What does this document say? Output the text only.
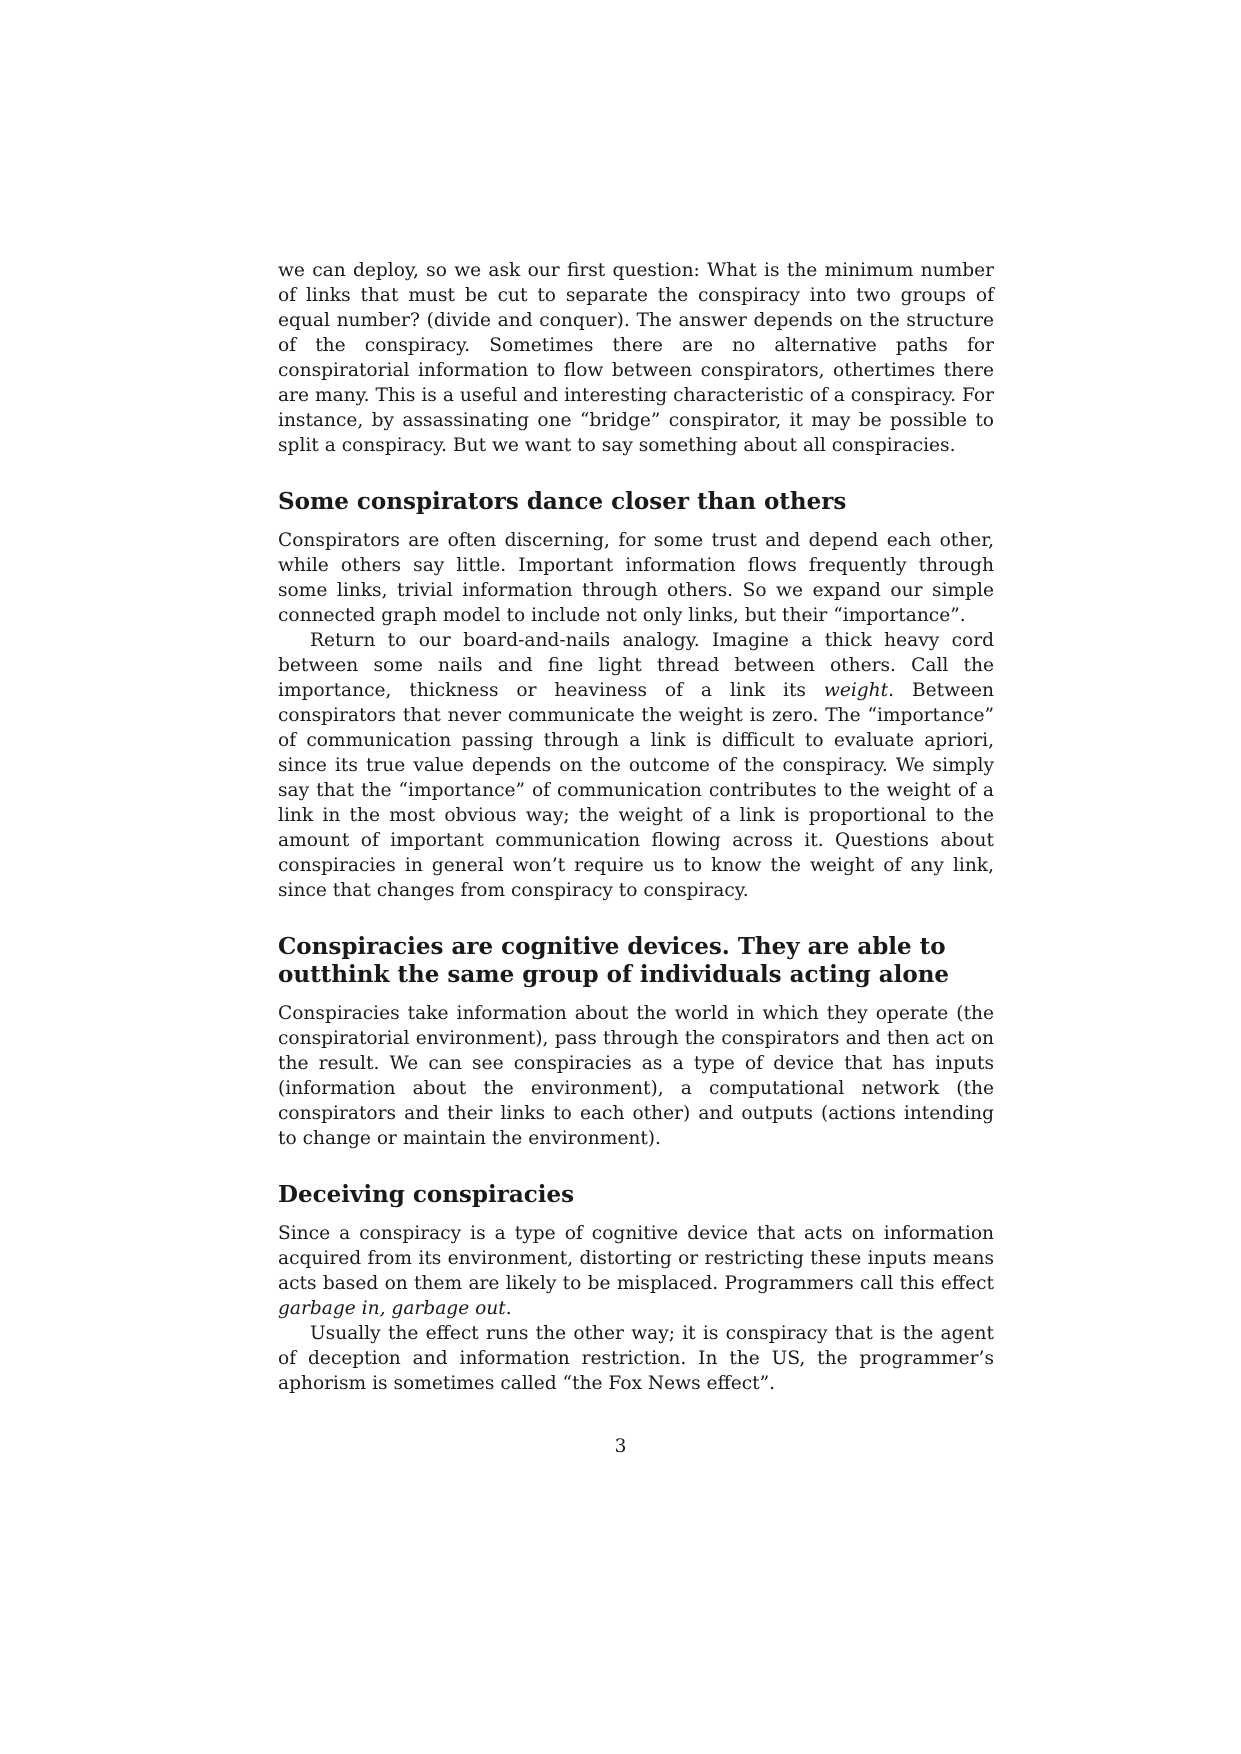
we can deploy, so we ask our first question: What is the minimum number of links that must be cut to separate the conspiracy into two groups of equal number? (divide and conquer). The answer depends on the structure of the conspiracy. Sometimes there are no alternative paths for conspiratorial information to flow between conspirators, othertimes there are many. This is a useful and interesting characteristic of a conspiracy. For instance, by assassinating one “bridge” conspirator, it may be possible to split a conspiracy. But we want to say something about all conspiracies.

Some conspirators dance closer than others

Conspirators are often discerning, for some trust and depend each other, while others say little. Important information flows frequently through some links, trivial information through others. So we expand our simple connected graph model to include not only links, but their “importance”.

Return to our board-and-nails analogy. Imagine a thick heavy cord between some nails and fine light thread between others. Call the importance, thickness or heaviness of a link its weight. Between conspirators that never communicate the weight is zero. The “importance” of communication passing through a link is difficult to evaluate apriori, since its true value depends on the outcome of the conspiracy. We simply say that the “importance” of communication contributes to the weight of a link in the most obvious way; the weight of a link is proportional to the amount of important communication flowing across it. Questions about conspiracies in general won’t require us to know the weight of any link, since that changes from conspiracy to conspiracy.

Conspiracies are cognitive devices. They are able to outthink the same group of individuals acting alone

Conspiracies take information about the world in which they operate (the conspiratorial environment), pass through the conspirators and then act on the result. We can see conspiracies as a type of device that has inputs (information about the environment), a computational network (the conspirators and their links to each other) and outputs (actions intending to change or maintain the environment).

Deceiving conspiracies

Since a conspiracy is a type of cognitive device that acts on information acquired from its environment, distorting or restricting these inputs means acts based on them are likely to be misplaced. Programmers call this effect garbage in, garbage out.

Usually the effect runs the other way; it is conspiracy that is the agent of deception and information restriction. In the US, the programmer’s aphorism is sometimes called “the Fox News effect”.

3
